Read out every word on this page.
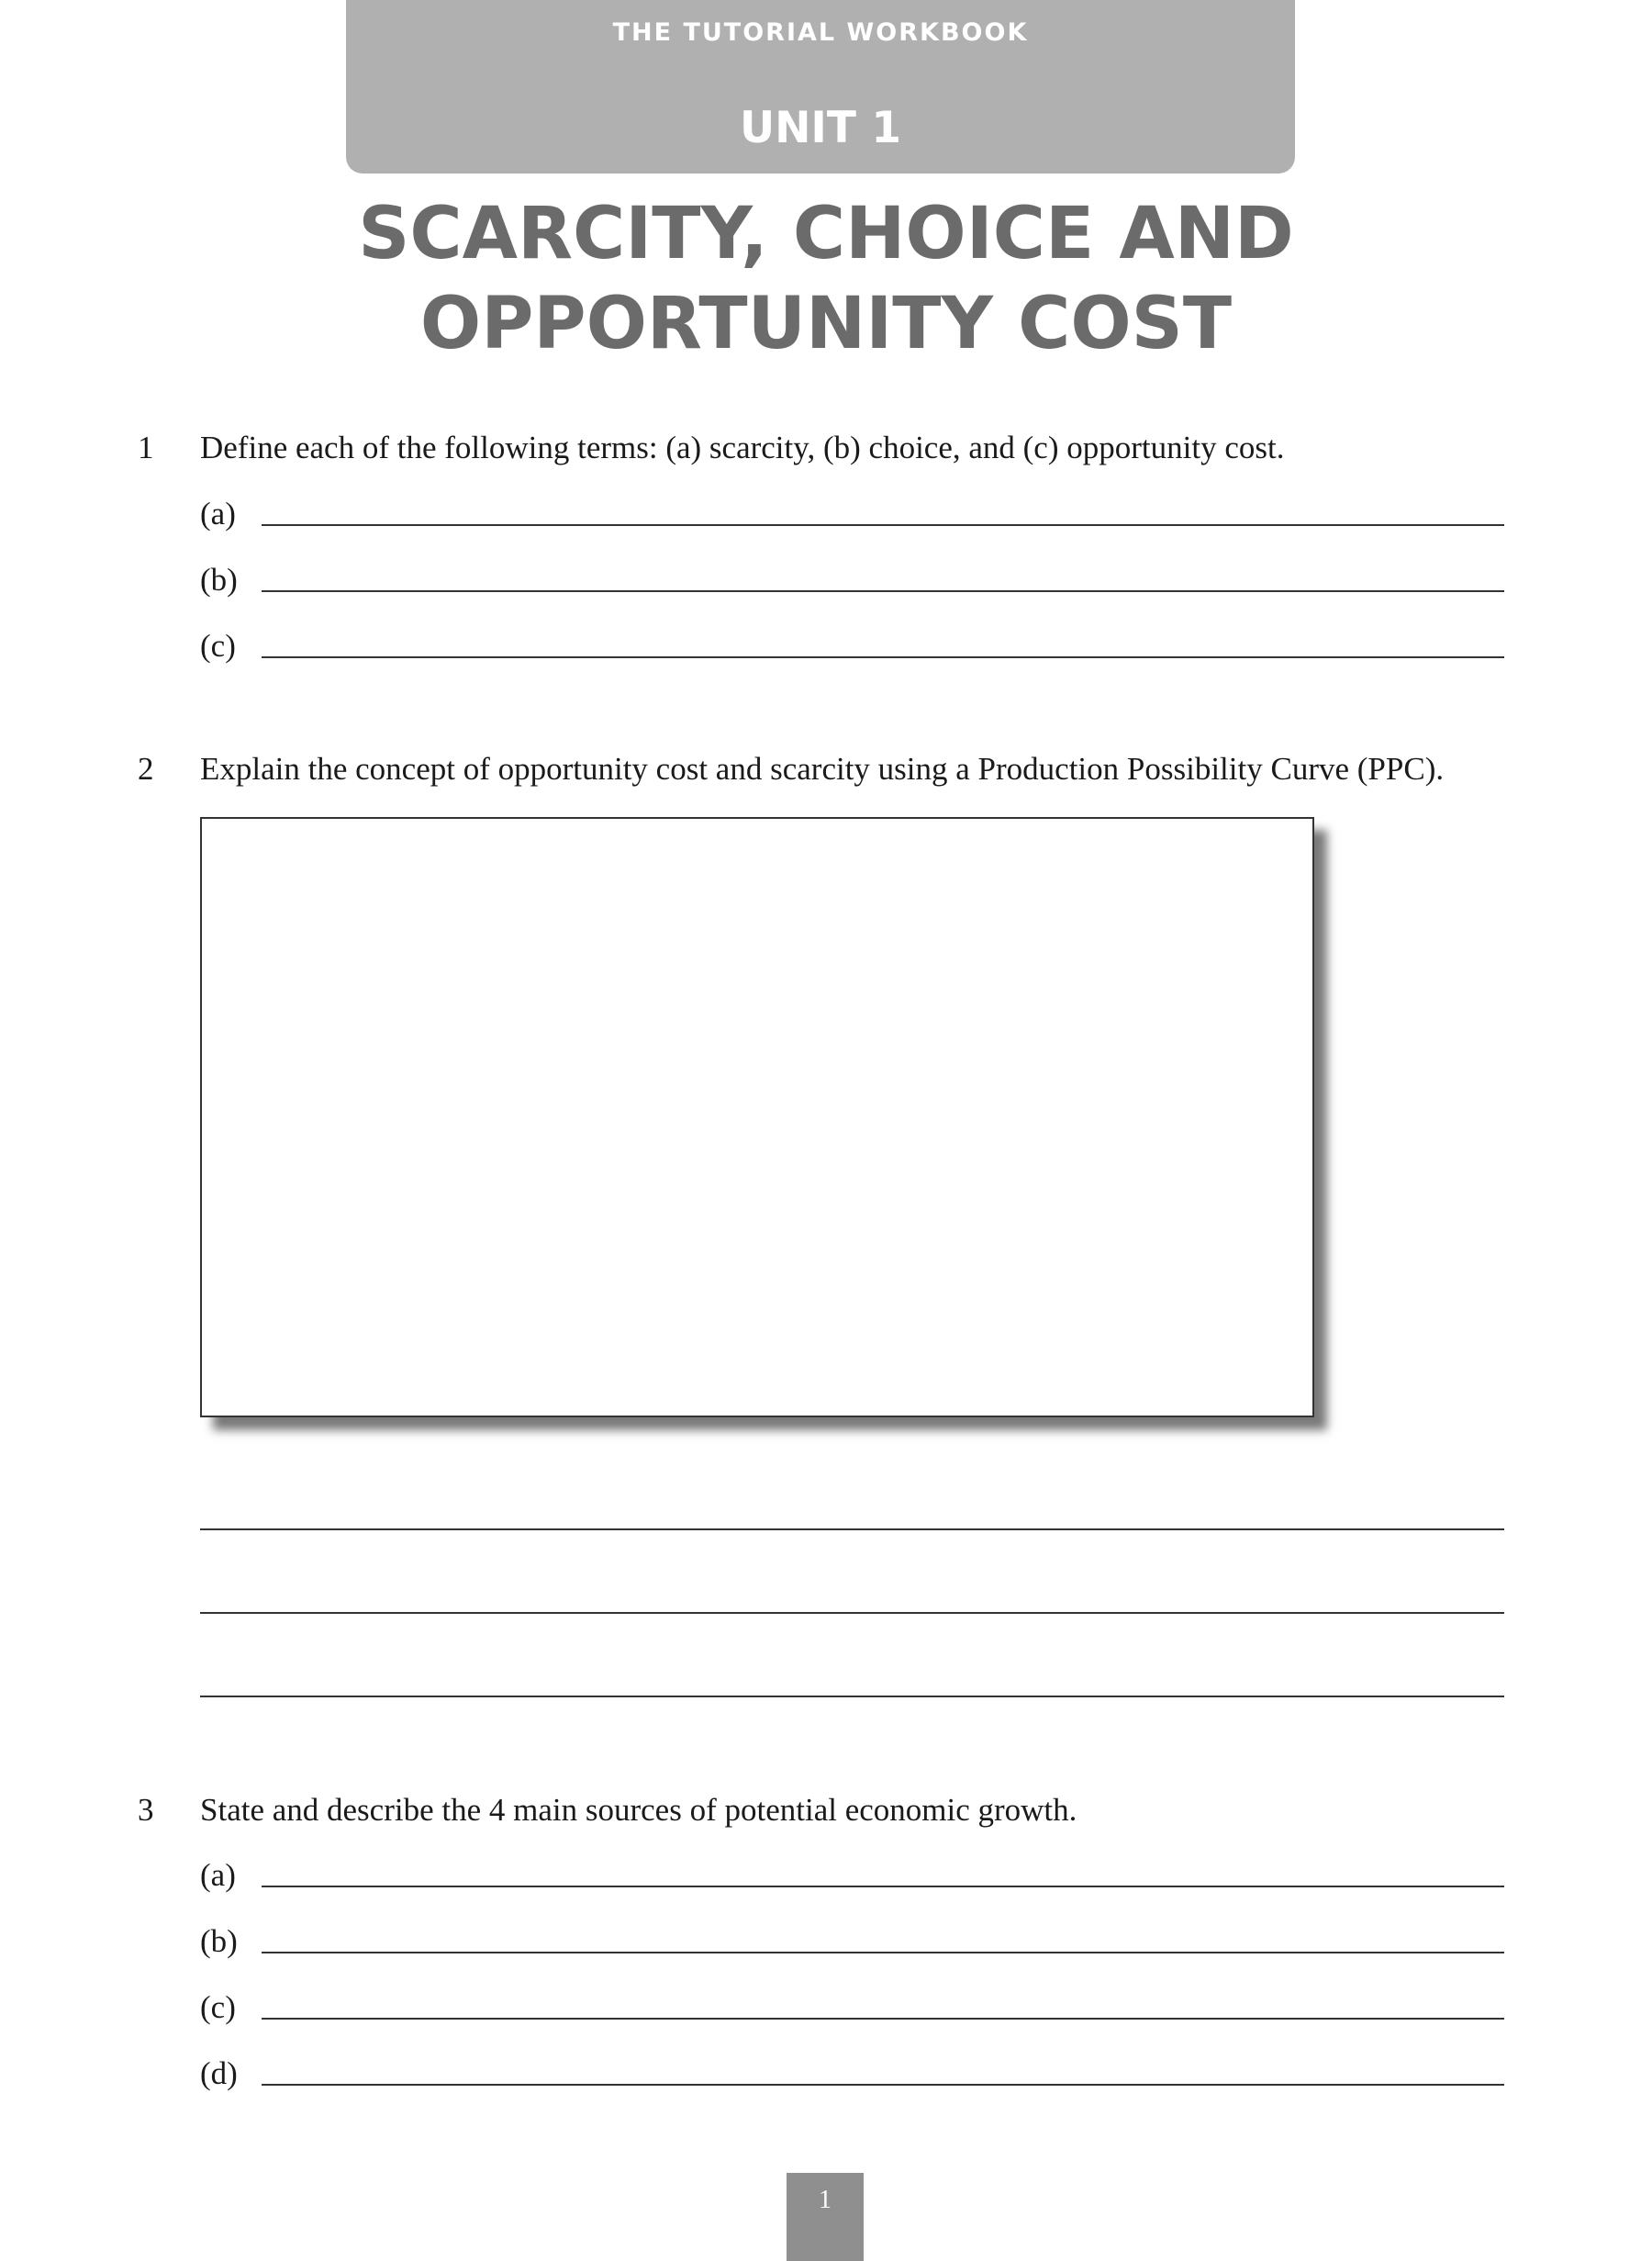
THE TUTORIAL WORKBOOK
UNIT 1
SCARCITY, CHOICE AND
OPPORTUNITY COST
1 Define each of the following terms: (a) scarcity, (b) choice, and (c) opportunity cost.
(a)
(b)
(c)
2 Explain the concept of opportunity cost and scarcity using a Production Possibility Curve (PPC).
3 State and describe the 4 main sources of potential economic growth.
(a)
(b)
(c)
(d)
1
